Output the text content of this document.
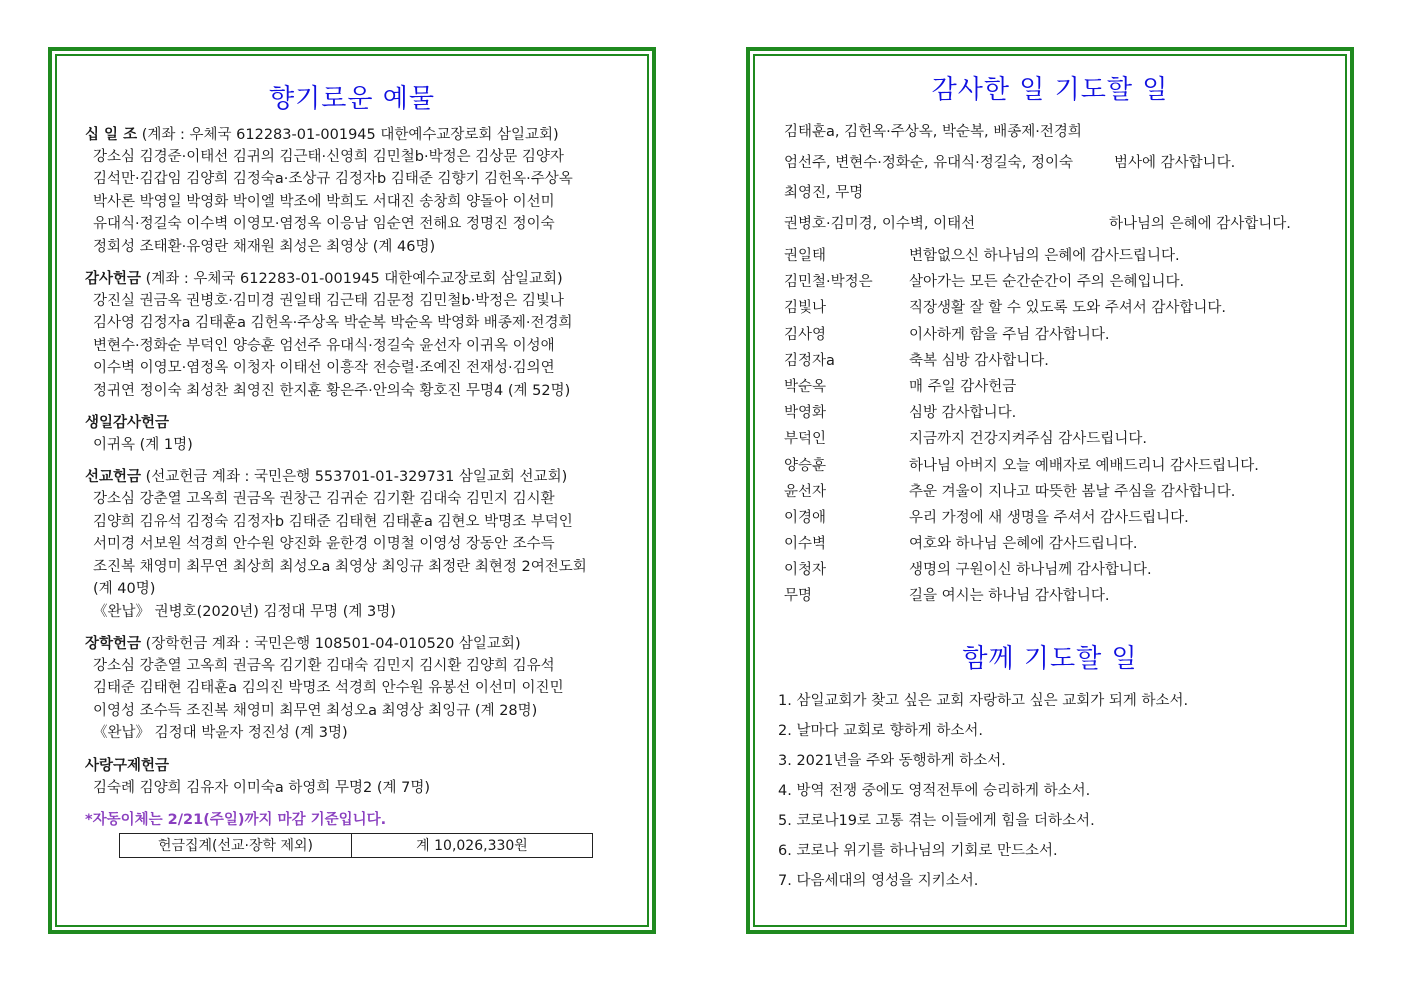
향기로운 예물
십 일 조 (계좌 : 우체국 612283-01-001945 대한예수교장로회 삼일교회)
강소심 김경준·이태선 김귀의 김근태·신영희 김민철b·박정은 김상문 김양자
김석만·김갑임 김양희 김정숙a·조상규 김정자b 김태준 김향기 김헌옥·주상옥
박사론 박영일 박영화 박이엘 박조에 박희도 서대진 송창희 양돌아 이선미
유대식·정길숙 이수벽 이영모·염정옥 이응남 임순연 전해요 정명진 정이숙
정회성 조태환·유영란 채재원 최성은 최영상 (계 46명)
감사헌금 (계좌 : 우체국 612283-01-001945 대한예수교장로회 삼일교회)
강진실 권금옥 권병호·김미경 권일태 김근태 김문정 김민철b·박정은 김빛나
김사영 김정자a 김태훈a 김헌옥·주상옥 박순복 박순옥 박영화 배종제·전경희
변현수·정화순 부덕인 양승훈 엄선주 유대식·정길숙 윤선자 이귀옥 이성애
이수벽 이영모·염정옥 이청자 이태선 이흥작 전승렬·조예진 전재성·김의연
정귀연 정이숙 최성찬 최영진 한지훈 황은주·안의숙 황호진 무명4 (계 52명)
생일감사헌금
이귀옥 (계 1명)
선교헌금 (선교헌금 계좌 : 국민은행 553701-01-329731 삼일교회 선교회)
강소심 강춘열 고옥희 권금옥 권창근 김귀순 김기환 김대숙 김민지 김시환
김양희 김유석 김정숙 김정자b 김태준 김태현 김태훈a 김현오 박명조 부덕인
서미경 서보원 석경희 안수원 양진화 윤한경 이명철 이영성 장동안 조수득
조진복 채영미 최무연 최상희 최성오a 최영상 최잉규 최정란 최현정 2여전도회
(계 40명)
《완납》 권병호(2020년) 김정대 무명 (계 3명)
장학헌금 (장학헌금 계좌 : 국민은행 108501-04-010520 삼일교회)
강소심 강춘열 고옥희 권금옥 김기환 김대숙 김민지 김시환 김양희 김유석
김태준 김태현 김태훈a 김의진 박명조 석경희 안수원 유봉선 이선미 이진민
이영성 조수득 조진복 채영미 최무연 최성오a 최영상 최잉규 (계 28명)
《완납》 김정대 박윤자 정진성 (계 3명)
사랑구제헌금
김숙례 김양희 김유자 이미숙a 하영희 무명2 (계 7명)
*자동이체는 2/21(주일)까지 마감 기준입니다.
헌금집계(선교·장학 제외)	계 10,026,330원
감사한 일 기도할 일
김태훈a, 김헌옥·주상옥, 박순복, 배종제·전경희
엄선주, 변현수·정화순, 유대식·정길숙, 정이숙	범사에 감사합니다.
최영진, 무명
권병호·김미경, 이수벽, 이태선	하나님의 은혜에 감사합니다.
권일태	변함없으신 하나님의 은혜에 감사드립니다.
김민철·박정은	살아가는 모든 순간순간이 주의 은혜입니다.
김빛나	직장생활 잘 할 수 있도록 도와 주셔서 감사합니다.
김사영	이사하게 함을 주님 감사합니다.
김정자a	축복 심방 감사합니다.
박순옥	매 주일 감사헌금
박영화	심방 감사합니다.
부덕인	지금까지 건강지켜주심 감사드립니다.
양승훈	하나님 아버지 오늘 예배자로 예배드리니 감사드립니다.
윤선자	추운 겨울이 지나고 따뜻한 봄날 주심을 감사합니다.
이경애	우리 가정에 새 생명을 주셔서 감사드립니다.
이수벽	여호와 하나님 은혜에 감사드립니다.
이청자	생명의 구원이신 하나님께 감사합니다.
무명	길을 여시는 하나님 감사합니다.
함께 기도할 일
1. 삼일교회가 찾고 싶은 교회 자랑하고 싶은 교회가 되게 하소서.
2. 날마다 교회로 향하게 하소서.
3. 2021년을 주와 동행하게 하소서.
4. 방역 전쟁 중에도 영적전투에 승리하게 하소서.
5. 코로나19로 고통 겪는 이들에게 힘을 더하소서.
6. 코로나 위기를 하나님의 기회로 만드소서.
7. 다음세대의 영성을 지키소서.
